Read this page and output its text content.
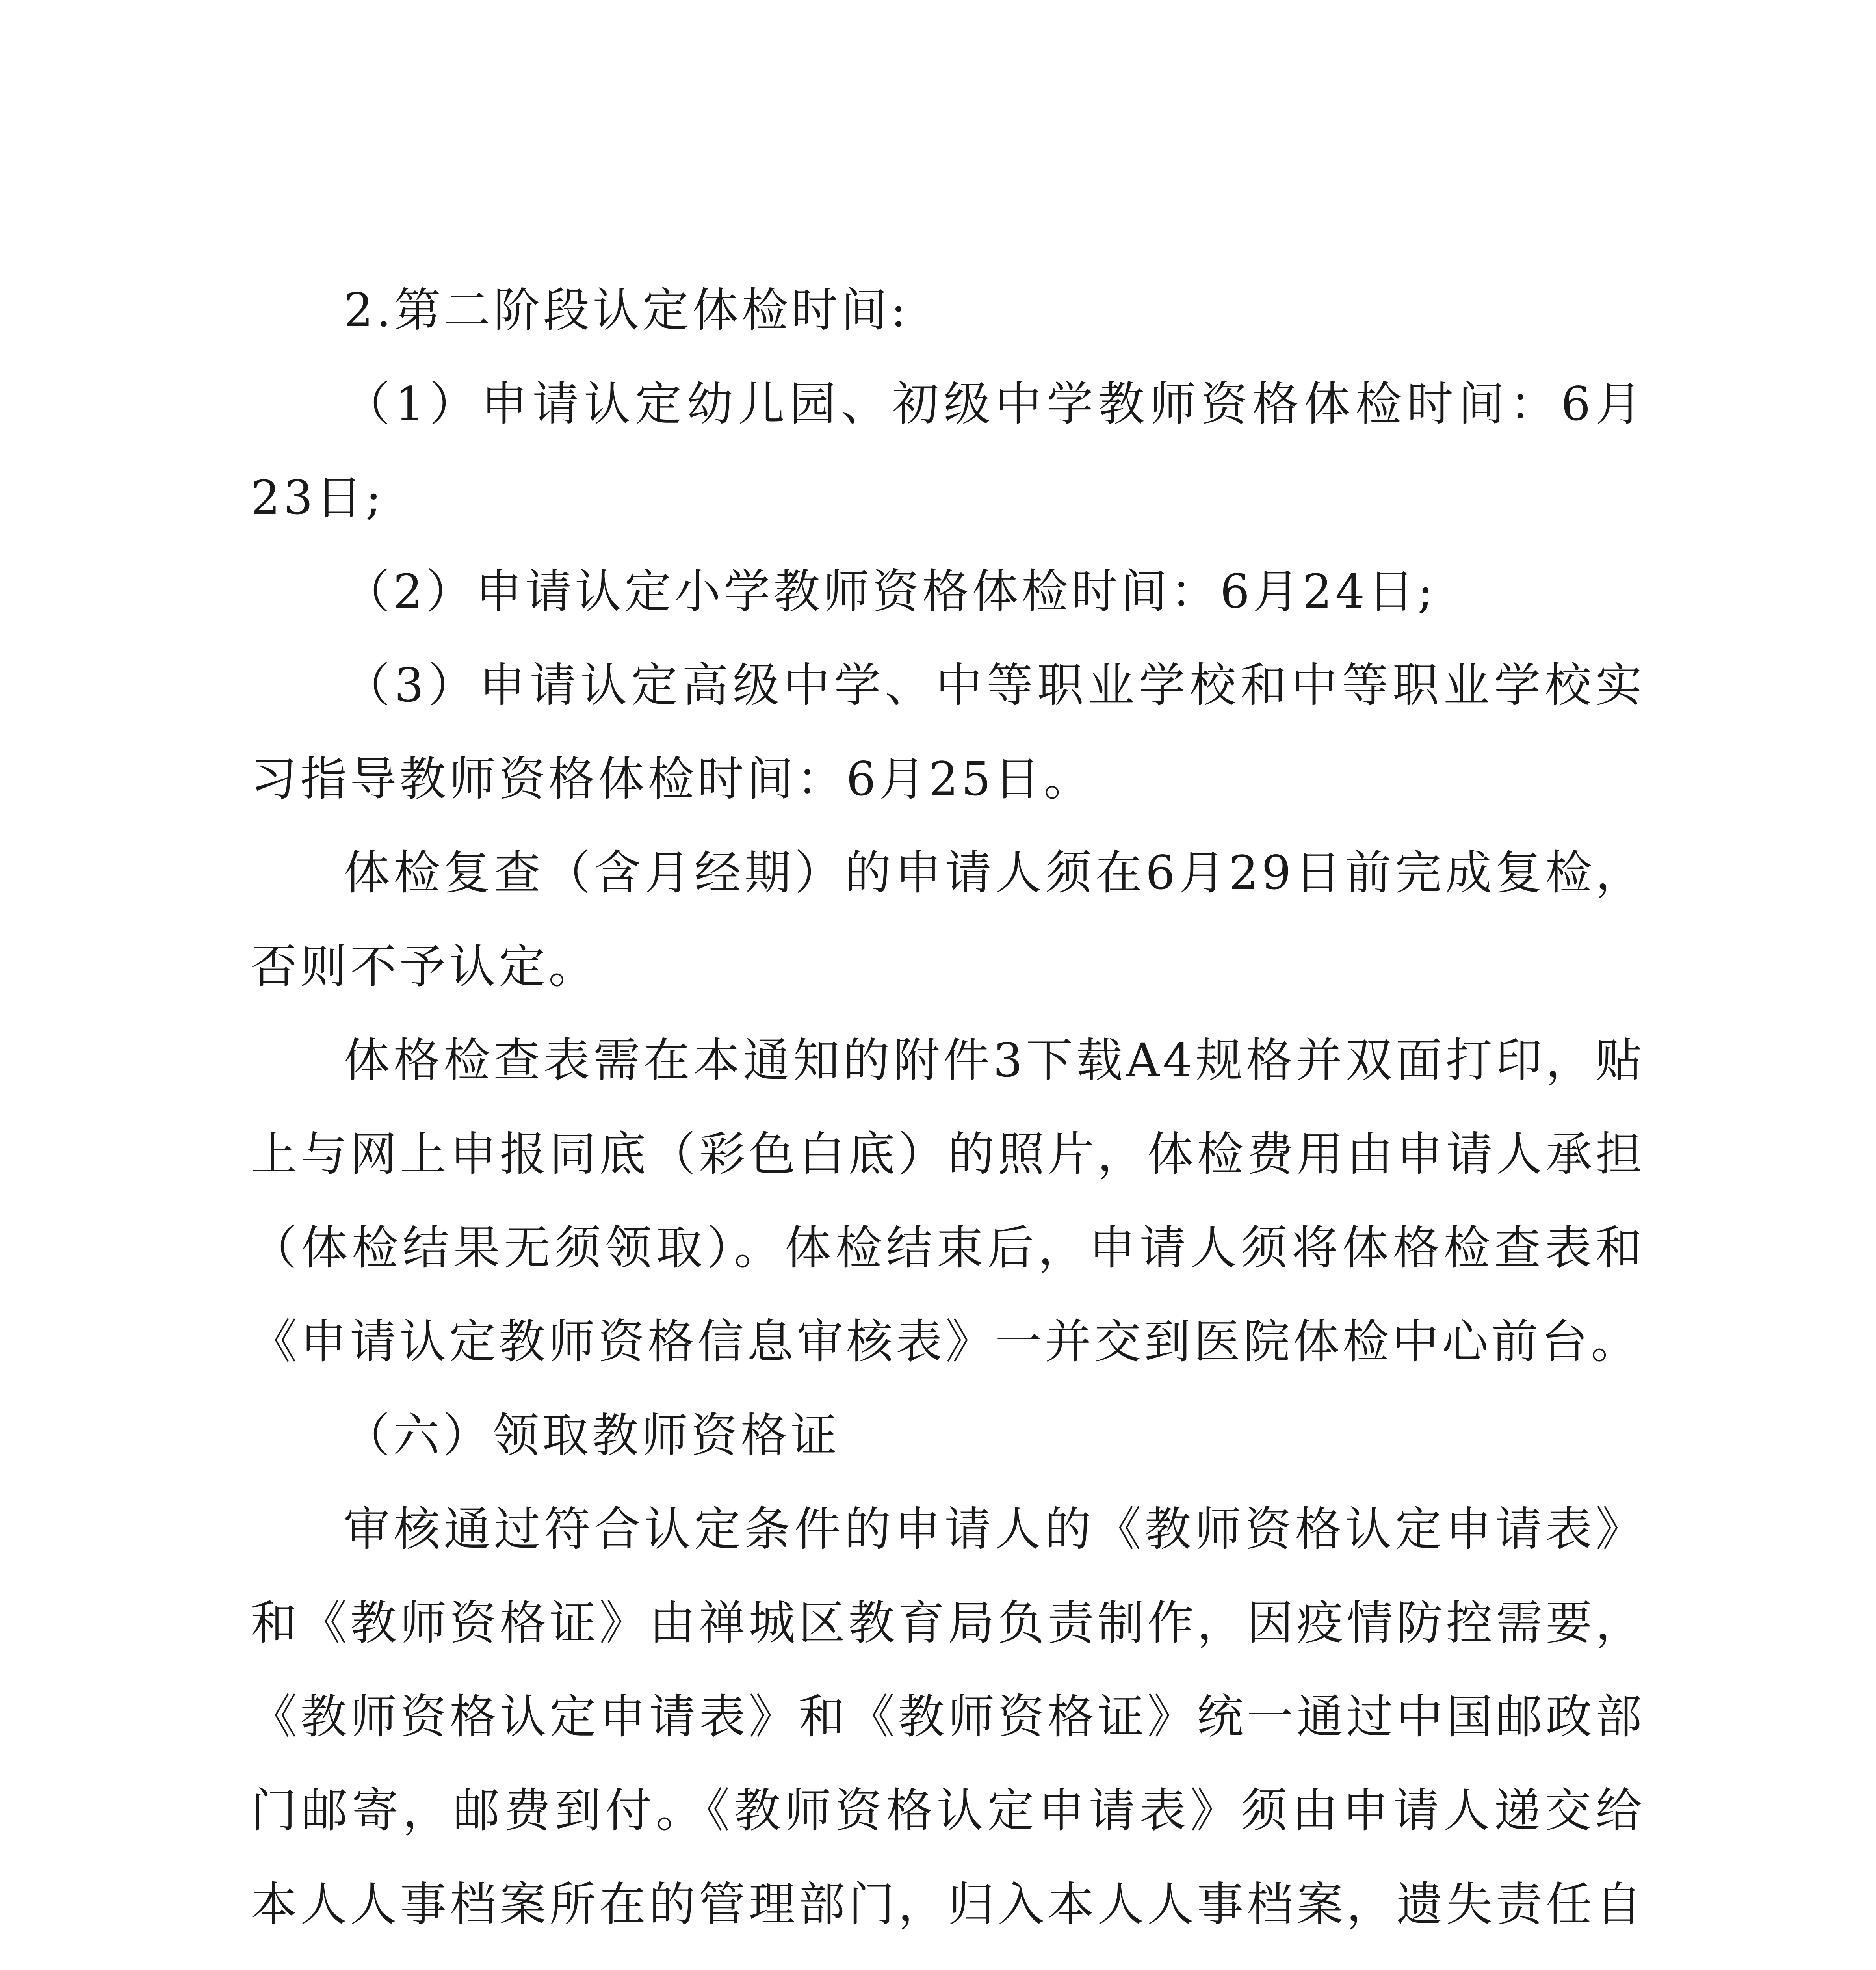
2.第二阶段认定体检时间:

（1）申请认定幼儿园、初级中学教师资格体检时间：6月23日;

（2）申请认定小学教师资格体检时间：6月24日;

（3）申请认定高级中学、中等职业学校和中等职业学校实习指导教师资格体检时间：6月25日。

体检复查（含月经期）的申请人须在6月29日前完成复检，否则不予认定。

体格检查表需在本通知的附件3下载A4规格并双面打印，贴上与网上申报同底（彩色白底）的照片，体检费用由申请人承担（体检结果无须领取）。体检结束后，申请人须将体格检查表和《申请认定教师资格信息审核表》一并交到医院体检中心前台。

（六）领取教师资格证

审核通过符合认定条件的申请人的《教师资格认定申请表》和《教师资格证》由禅城区教育局负责制作，因疫情防控需要，《教师资格认定申请表》和《教师资格证》统一通过中国邮政部门邮寄，邮费到付。《教师资格认定申请表》须由申请人递交给本人人事档案所在的管理部门，归入本人人事档案，遗失责任自
